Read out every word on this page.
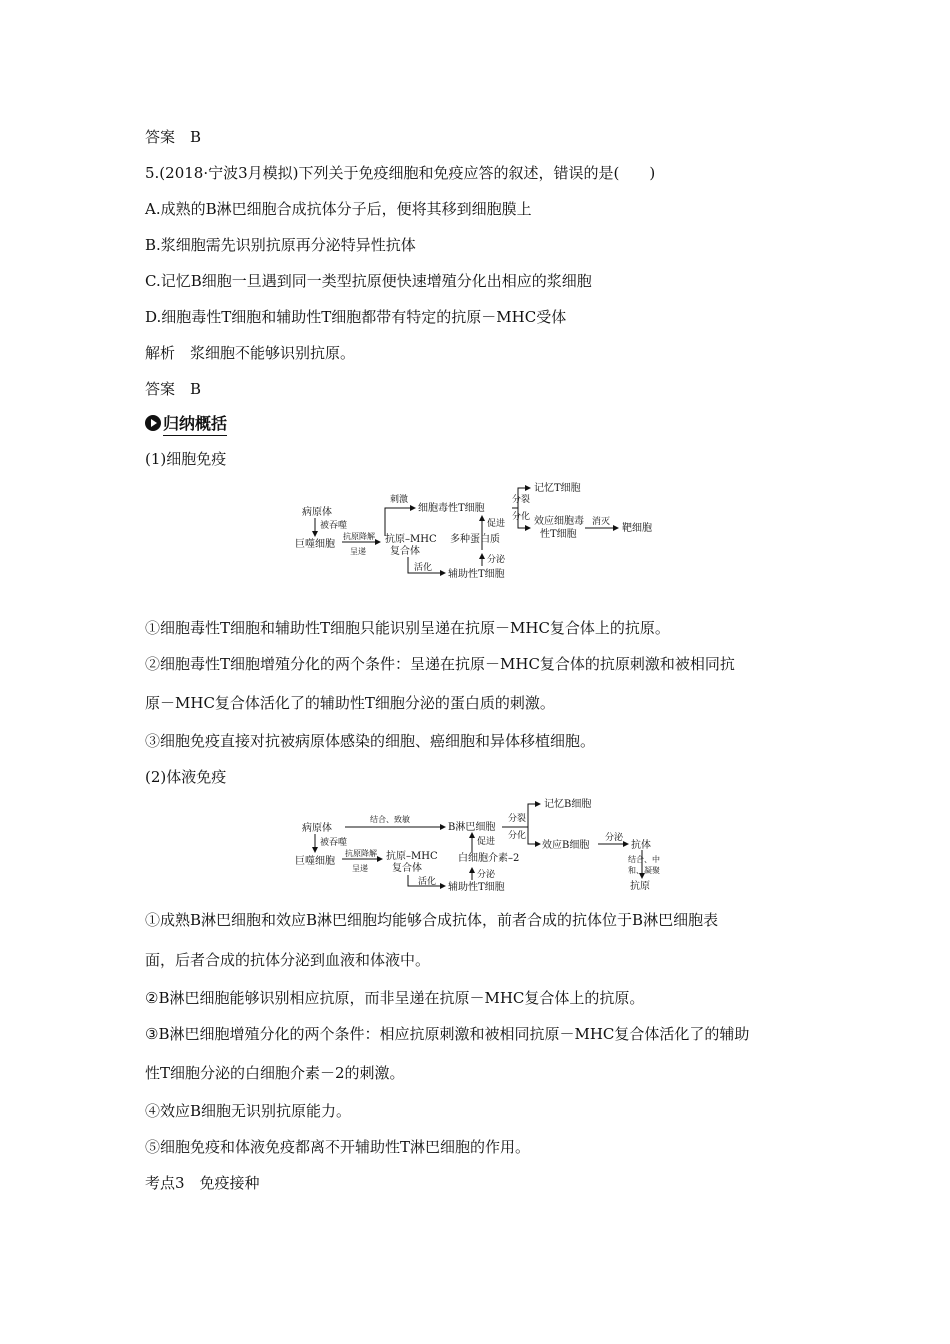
答案　B
5.(2018·宁波3月模拟)下列关于免疫细胞和免疫应答的叙述，错误的是(　　)
A.成熟的B淋巴细胞合成抗体分子后，便将其移到细胞膜上
B.浆细胞需先识别抗原再分泌特异性抗体
C.记忆B细胞一旦遇到同一类型抗原便快速增殖分化出相应的浆细胞
D.细胞毒性T细胞和辅助性T细胞都带有特定的抗原－MHC受体
解析　浆细胞不能够识别抗原。
答案　B
归纳概括
(1)细胞免疫
病原体
被吞噬
巨噬细胞
抗原降解
呈递
抗原–MHC
复合体
刺激
细胞毒性T细胞
分裂
分化
记忆T细胞
效应细胞毒
性T细胞
消灭
靶细胞
促进
多种蛋白质
分泌
活化
辅助性T细胞
①细胞毒性T细胞和辅助性T细胞只能识别呈递在抗原－MHC复合体上的抗原。
②细胞毒性T细胞增殖分化的两个条件：呈递在抗原－MHC复合体的抗原刺激和被相同抗
原－MHC复合体活化了的辅助性T细胞分泌的蛋白质的刺激。
③细胞免疫直接对抗被病原体感染的细胞、癌细胞和异体移植细胞。
(2)体液免疫
病原体
结合、致敏
B淋巴细胞
分裂
分化
记忆B细胞
效应B细胞
分泌
抗体
结合、中
和、凝聚
抗原
被吞噬
巨噬细胞
抗原降解
呈递
抗原–MHC
复合体
促进
白细胞介素–2
分泌
活化 辅助性T细胞
①成熟B淋巴细胞和效应B淋巴细胞均能够合成抗体，前者合成的抗体位于B淋巴细胞表
面，后者合成的抗体分泌到血液和体液中。
②B淋巴细胞能够识别相应抗原，而非呈递在抗原－MHC复合体上的抗原。
③B淋巴细胞增殖分化的两个条件：相应抗原刺激和被相同抗原－MHC复合体活化了的辅助
性T细胞分泌的白细胞介素－2的刺激。
④效应B细胞无识别抗原能力。
⑤细胞免疫和体液免疫都离不开辅助性T淋巴细胞的作用。
考点3　免疫接种
